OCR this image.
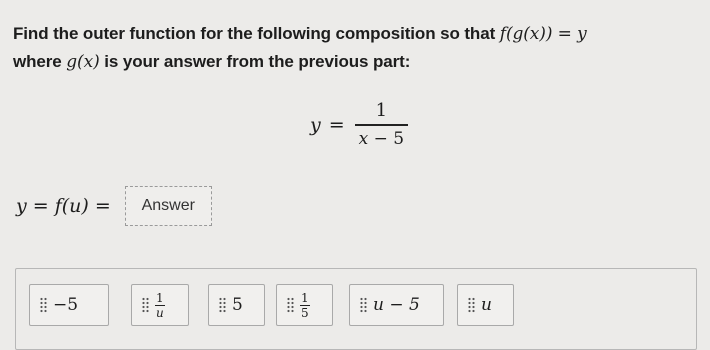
Find the outer function for the following composition so that f(g(x)) = y
where g(x) is your answer from the previous part:
$y = \frac{1}{x - 5}$
y = f(u) =	Answer
−5	$\frac{1}{u}$	5	$\frac{1}{5}$	u − 5	u
